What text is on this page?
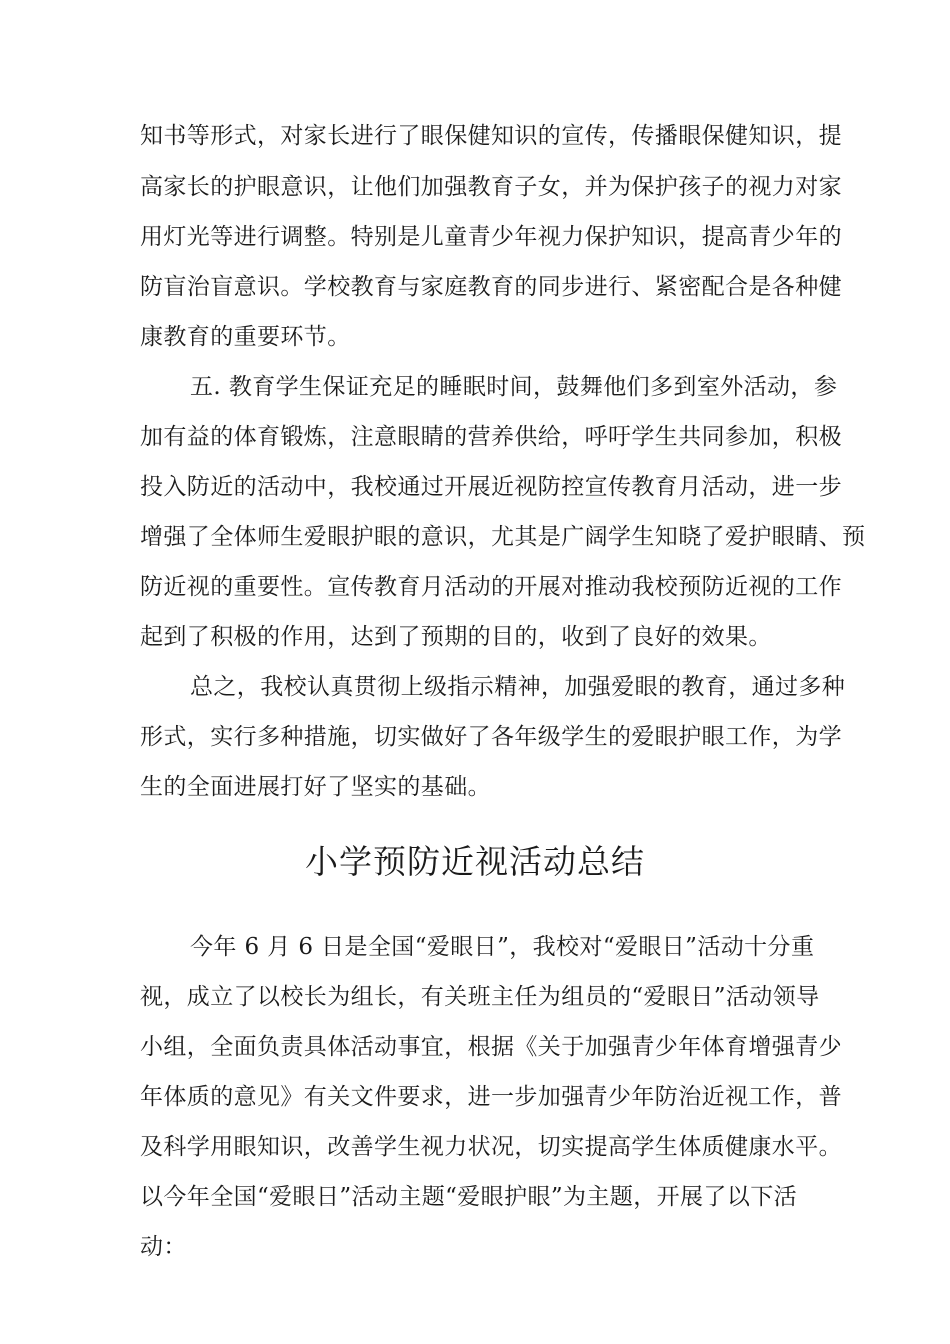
知书等形式，对家长进行了眼保健知识的宣传，传播眼保健知识，提
高家长的护眼意识，让他们加强教育子女，并为保护孩子的视力对家
用灯光等进行调整。特别是儿童青少年视力保护知识，提高青少年的
防盲治盲意识。学校教育与家庭教育的同步进行、紧密配合是各种健
康教育的重要环节。
五. 教育学生保证充足的睡眠时间，鼓舞他们多到室外活动，参
加有益的体育锻炼，注意眼睛的营养供给，呼吁学生共同参加，积极
投入防近的活动中，我校通过开展近视防控宣传教育月活动，进一步
增强了全体师生爱眼护眼的意识，尤其是广阔学生知晓了爱护眼睛、预
防近视的重要性。宣传教育月活动的开展对推动我校预防近视的工作
起到了积极的作用，达到了预期的目的，收到了良好的效果。
总之，我校认真贯彻上级指示精神，加强爱眼的教育，通过多种
形式，实行多种措施，切实做好了各年级学生的爱眼护眼工作，为学
生的全面进展打好了坚实的基础。
小学预防近视活动总结
今年 6 月 6 日是全国“爱眼日”，我校对“爱眼日”活动十分重
视，成立了以校长为组长，有关班主任为组员的“爱眼日”活动领导
小组，全面负责具体活动事宜，根据《关于加强青少年体育增强青少
年体质的意见》有关文件要求，进一步加强青少年防治近视工作，普
及科学用眼知识，改善学生视力状况，切实提高学生体质健康水平。
以今年全国“爱眼日”活动主题“爱眼护眼”为主题，开展了以下活
动：
